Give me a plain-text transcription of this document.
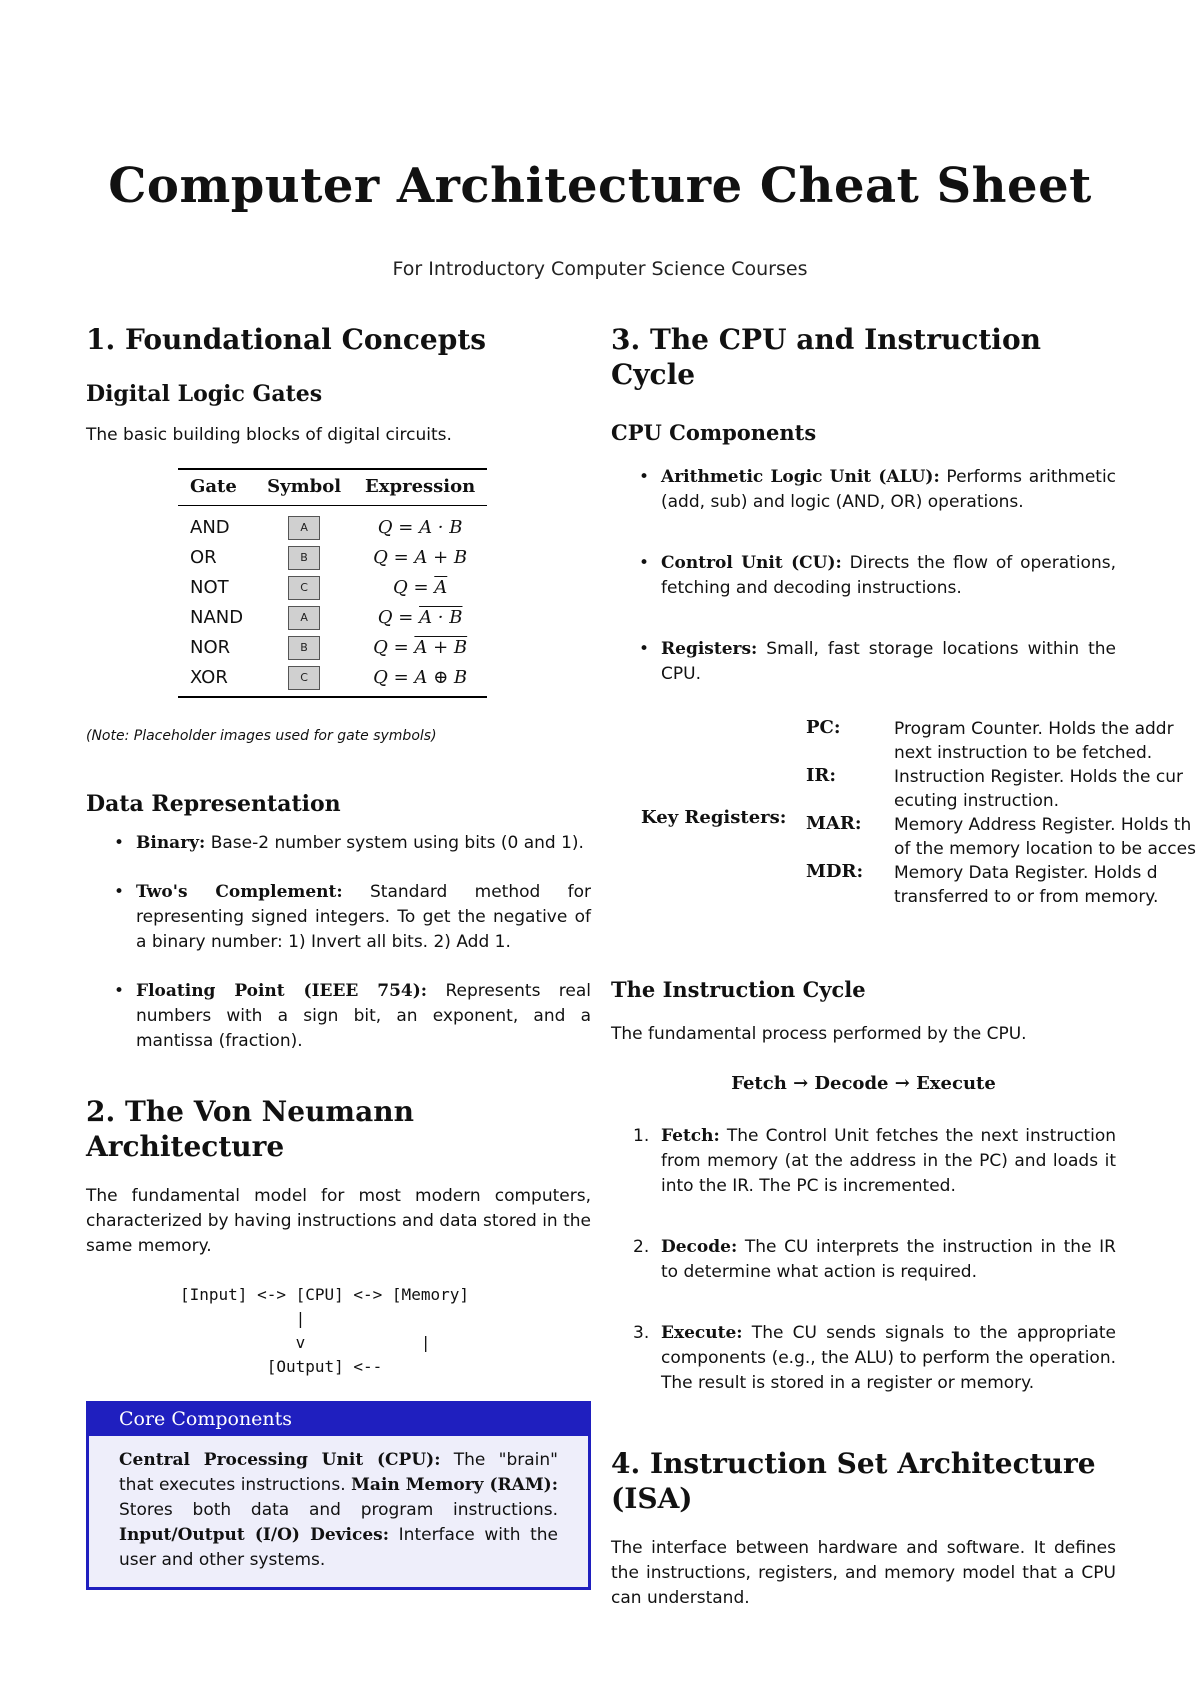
Computer Architecture Cheat Sheet
For Introductory Computer Science Courses
1. Foundational Concepts
Digital Logic Gates

The basic building blocks of digital circuits.

Gate	Symbol	Expression
AND	A	Q = A · B
OR	B	Q = A + B
NOT	C	$Q = \overline{A}$
NAND	A	Q = A · B
NOR	B	Q = A + B
XOR	C	Q = A ⊕ B

(Note: Placeholder images used for gate symbols)

Data Representation
• Binary: Base-2 number system using bits (0 and 1).
• Two's Complement: Standard method for representing signed integers. To get the negative of a binary number: 1) Invert all bits. 2) Add 1.
• Floating Point (IEEE 754): Represents real numbers with a sign bit, an exponent, and a mantissa (fraction).
2. The Von Neumann Architecture

The fundamental model for most modern computers, characterized by having instructions and data stored in the same memory.

[Input] <-> [CPU] <-> [Memory]
|
v            |
[Output] <--
Core Components
Central Processing Unit (CPU): The "brain" that executes instructions. Main Memory (RAM): Stores both data and program instructions. Input/Output (I/O) Devices: Interface with the user and other systems.
3. The CPU and Instruction Cycle
CPU Components
• Arithmetic Logic Unit (ALU): Performs arithmetic (add, sub) and logic (AND, OR) operations.
• Control Unit (CU): Directs the flow of operations, fetching and decoding instructions.
• Registers: Small, fast storage locations within the CPU.
Key Registers:
PC:	Program Counter. Holds the addr
next instruction to be fetched.
IR:	Instruction Register. Holds the cur
ecuting instruction.
MAR: Memory Address Register. Holds th
of the memory location to be acces
MDR: Memory Data Register. Holds d
transferred to or from memory.
The Instruction Cycle

The fundamental process performed by the CPU.

Fetch → Decode → Execute
1. Fetch: The Control Unit fetches the next instruction from memory (at the address in the PC) and loads it into the IR. The PC is incremented.
2. Decode: The CU interprets the instruction in the IR to determine what action is required.
3. Execute: The CU sends signals to the appropriate components (e.g., the ALU) to perform the operation. The result is stored in a register or memory.
4. Instruction Set Architecture (ISA)

The interface between hardware and software. It defines the instructions, registers, and memory model that a CPU can understand.
